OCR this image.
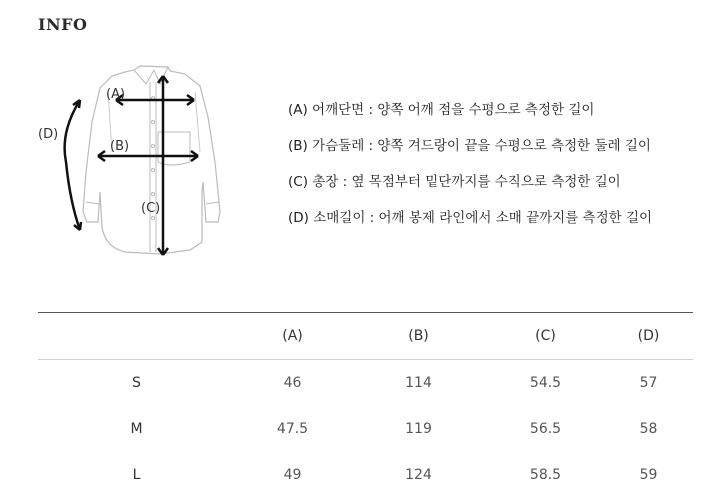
INFO
(A)
(B)
(C)
(D)
(A) 어깨단면 : 양쪽 어깨 점을 수평으로 측정한 길이
(B) 가슴둘레 : 양쪽 겨드랑이 끝을 수평으로 측정한 둘레 길이
(C) 총장 : 옆 목점부터 밑단까지를 수직으로 측정한 길이
(D) 소매길이 : 어깨 봉제 라인에서 소매 끝까지를 측정한 길이
	(A)	(B)	(C)	(D)
S	46	114	54.5	57
M	47.5	119	56.5	58
L	49	124	58.5	59
